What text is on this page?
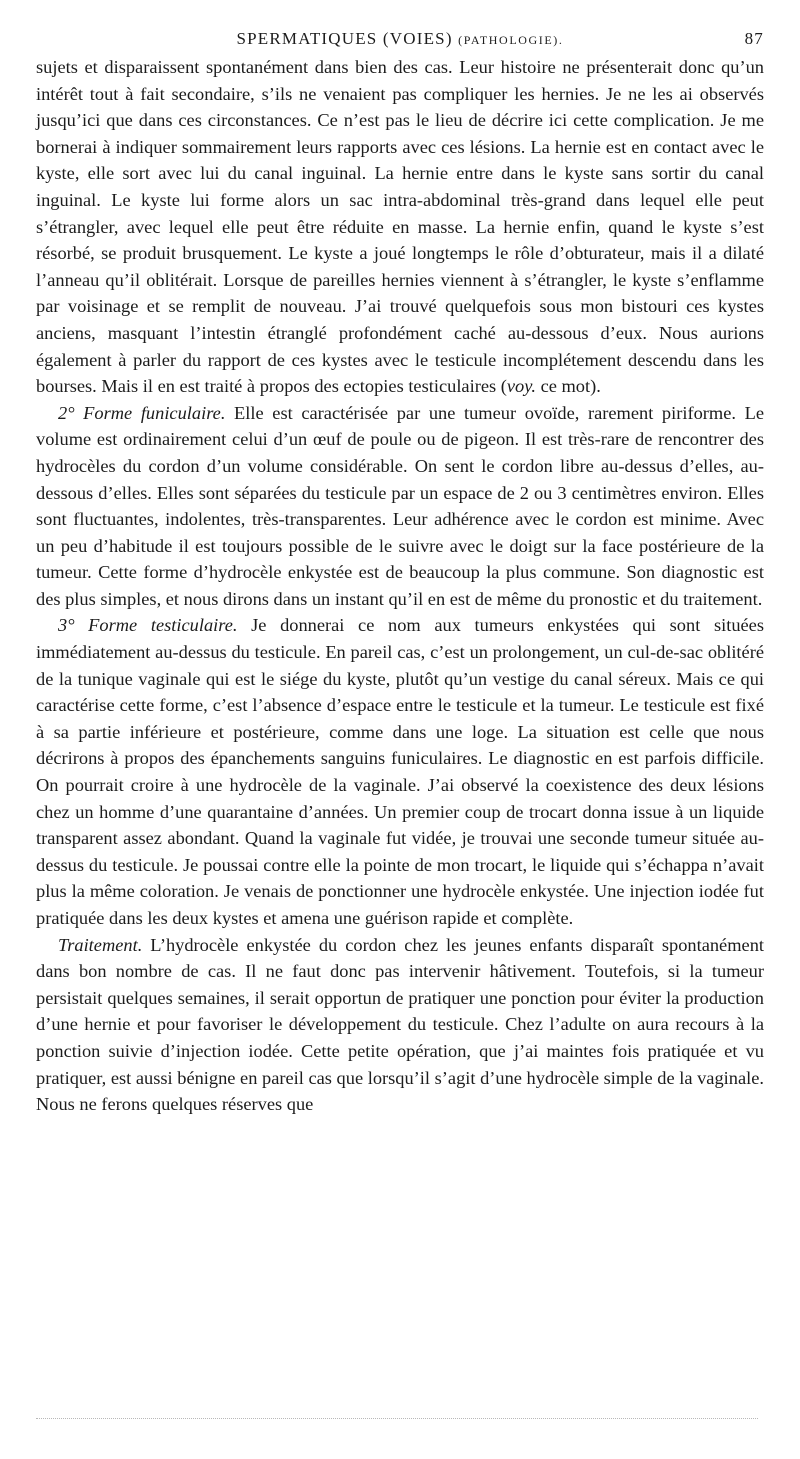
SPERMATIQUES (VOIES) (PATHOLOGIE).	87

sujets et disparaissent spontanément dans bien des cas. Leur histoire ne présenterait donc qu’un intérêt tout à fait secondaire, s’ils ne venaient pas compliquer les hernies. Je ne les ai observés jusqu’ici que dans ces circonstances. Ce n’est pas le lieu de décrire ici cette complication. Je me bornerai à indiquer sommairement leurs rapports avec ces lésions. La hernie est en contact avec le kyste, elle sort avec lui du canal inguinal. La hernie entre dans le kyste sans sortir du canal inguinal. Le kyste lui forme alors un sac intra-abdominal très-grand dans lequel elle peut s’étrangler, avec lequel elle peut être réduite en masse. La hernie enfin, quand le kyste s’est résorbé, se produit brusquement. Le kyste a joué longtemps le rôle d’obturateur, mais il a dilaté l’anneau qu’il oblitérait. Lorsque de pareilles hernies viennent à s’étrangler, le kyste s’enflamme par voisinage et se remplit de nouveau. J’ai trouvé quelquefois sous mon bistouri ces kystes anciens, masquant l’intestin étranglé profondément caché au-dessous d’eux. Nous aurions également à parler du rapport de ces kystes avec le testicule incomplétement descendu dans les bourses. Mais il en est traité à propos des ectopies testiculaires (voy. ce mot).

2° Forme funiculaire. Elle est caractérisée par une tumeur ovoïde, rarement piriforme. Le volume est ordinairement celui d’un œuf de poule ou de pigeon. Il est très-rare de rencontrer des hydrocèles du cordon d’un volume considérable. On sent le cordon libre au-dessus d’elles, au-dessous d’elles. Elles sont séparées du testicule par un espace de 2 ou 3 centimètres environ. Elles sont fluctuantes, indolentes, très-transparentes. Leur adhérence avec le cordon est minime. Avec un peu d’habitude il est toujours possible de le suivre avec le doigt sur la face postérieure de la tumeur. Cette forme d’hydrocèle enkystée est de beaucoup la plus commune. Son diagnostic est des plus simples, et nous dirons dans un instant qu’il en est de même du pronostic et du traitement.

3° Forme testiculaire. Je donnerai ce nom aux tumeurs enkystées qui sont situées immédiatement au-dessus du testicule. En pareil cas, c’est un prolongement, un cul-de-sac oblitéré de la tunique vaginale qui est le siége du kyste, plutôt qu’un vestige du canal séreux. Mais ce qui caractérise cette forme, c’est l’absence d’espace entre le testicule et la tumeur. Le testicule est fixé à sa partie inférieure et postérieure, comme dans une loge. La situation est celle que nous décrirons à propos des épanchements sanguins funiculaires. Le diagnostic en est parfois difficile. On pourrait croire à une hydrocèle de la vaginale. J’ai observé la coexistence des deux lésions chez un homme d’une quarantaine d’années. Un premier coup de trocart donna issue à un liquide transparent assez abondant. Quand la vaginale fut vidée, je trouvai une seconde tumeur située au-dessus du testicule. Je poussai contre elle la pointe de mon trocart, le liquide qui s’échappa n’avait plus la même coloration. Je venais de ponctionner une hydrocèle enkystée. Une injection iodée fut pratiquée dans les deux kystes et amena une guérison rapide et complète.

Traitement. L’hydrocèle enkystée du cordon chez les jeunes enfants disparaît spontanément dans bon nombre de cas. Il ne faut donc pas intervenir hâtivement. Toutefois, si la tumeur persistait quelques semaines, il serait opportun de pratiquer une ponction pour éviter la production d’une hernie et pour favoriser le développement du testicule. Chez l’adulte on aura recours à la ponction suivie d’injection iodée. Cette petite opération, que j’ai maintes fois pratiquée et vu pratiquer, est aussi bénigne en pareil cas que lorsqu’il s’agit d’une hydrocèle simple de la vaginale. Nous ne ferons quelques réserves que
